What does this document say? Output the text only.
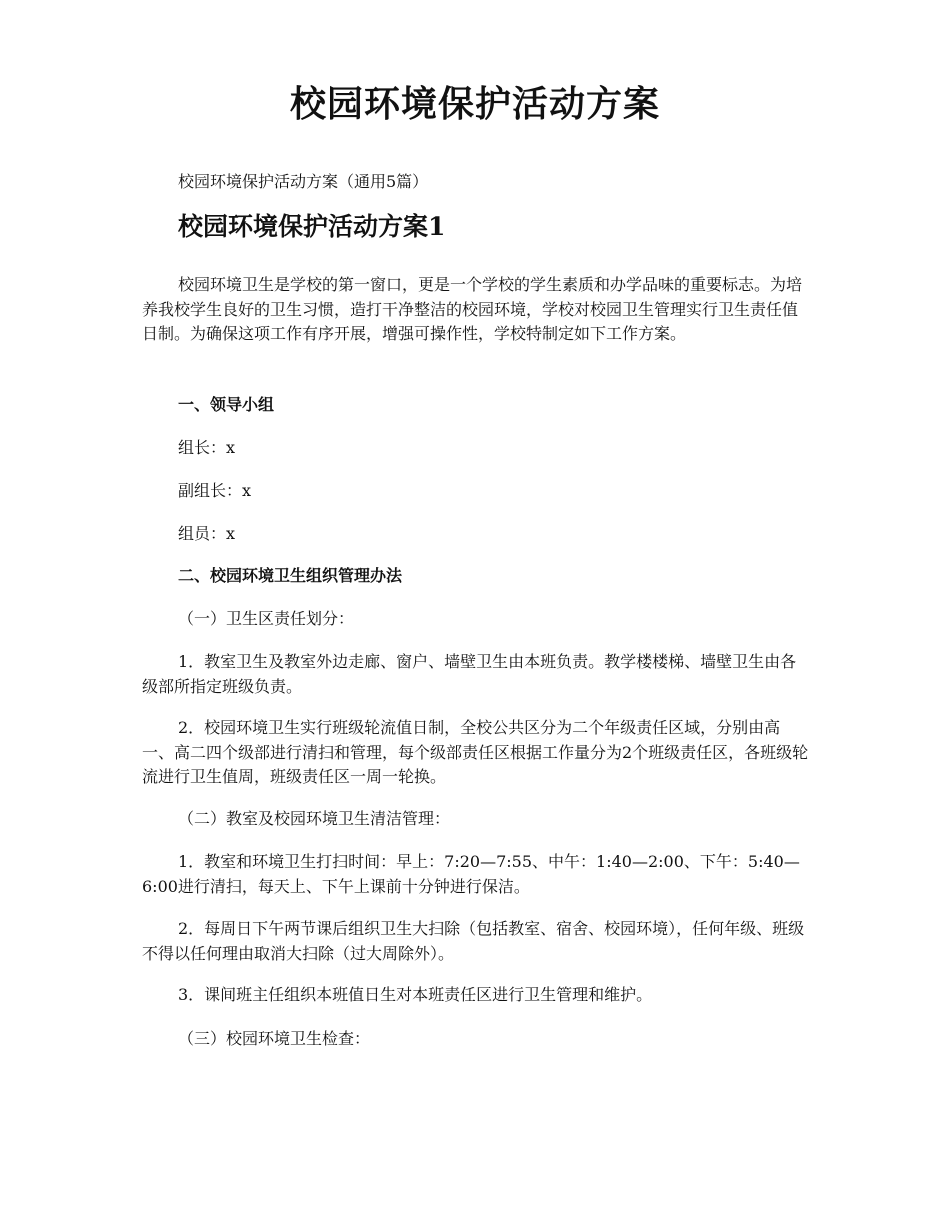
校园环境保护活动方案
校园环境保护活动方案（通用5篇）
校园环境保护活动方案1

校园环境卫生是学校的第一窗口，更是一个学校的学生素质和办学品味的重要标志。为培养我校学生良好的卫生习惯，造打干净整洁的校园环境，学校对校园卫生管理实行卫生责任值日制。为确保这项工作有序开展，增强可操作性，学校特制定如下工作方案。

一、领导小组
组长：x
副组长：x
组员：x
二、校园环境卫生组织管理办法
（一）卫生区责任划分：

1．教室卫生及教室外边走廊、窗户、墙壁卫生由本班负责。教学楼楼梯、墙壁卫生由各级部所指定班级负责。

2．校园环境卫生实行班级轮流值日制，全校公共区分为二个年级责任区域，分别由高一、高二四个级部进行清扫和管理，每个级部责任区根据工作量分为2个班级责任区，各班级轮流进行卫生值周，班级责任区一周一轮换。

（二）教室及校园环境卫生清洁管理：

1．教室和环境卫生打扫时间：早上：7:20—7:55、中午：1:40—2:00、下午：5:40—6:00进行清扫，每天上、下午上课前十分钟进行保洁。

2．每周日下午两节课后组织卫生大扫除（包括教室、宿舍、校园环境），任何年级、班级不得以任何理由取消大扫除（过大周除外）。

3．课间班主任组织本班值日生对本班责任区进行卫生管理和维护。
（三）校园环境卫生检查：
